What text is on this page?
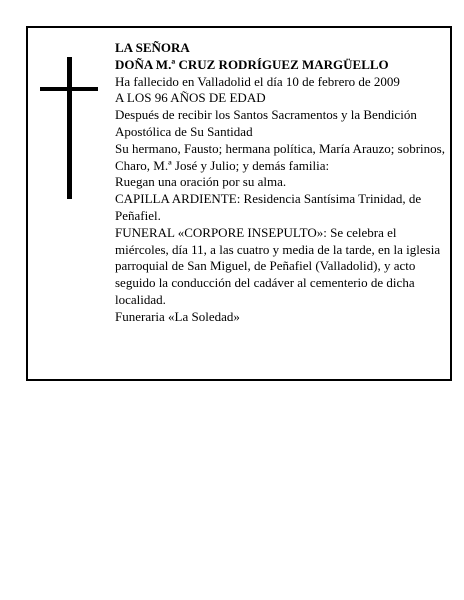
LA SEÑORA
DOÑA M.ª CRUZ RODRÍGUEZ MARGÜELLO
Ha fallecido en Valladolid el día 10 de febrero de 2009
A LOS 96 AÑOS DE EDAD
Después de recibir los Santos Sacramentos y la Bendición Apostólica de Su Santidad
Su hermano, Fausto; hermana política, María Arauzo; sobrinos, Charo, M.ª José y Julio; y demás familia:
Ruegan una oración por su alma.
CAPILLA ARDIENTE: Residencia Santísima Trinidad, de Peñafiel.
FUNERAL «CORPORE INSEPULTO»: Se celebra el miércoles, día 11, a las cuatro y media de la tarde, en la iglesia parroquial de San Miguel, de Peñafiel (Valladolid), y acto seguido la conducción del cadáver al cementerio de dicha localidad.
Funeraria «La Soledad»
